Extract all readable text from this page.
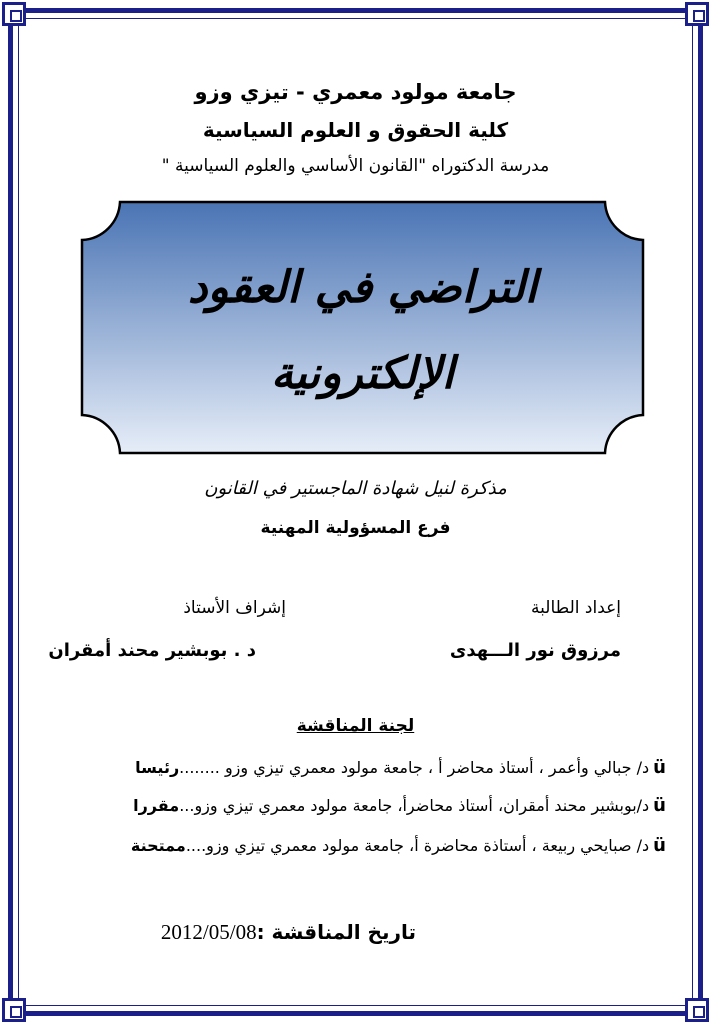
جامعة مولود معمري - تيزي وزو
كلية الحقوق و العلوم السياسية
مدرسة الدكتوراه "القانون الأساسي والعلوم السياسية "
التراضي في العقود
الإلكترونية
مذكرة لنيل شهادة الماجستير في القانون
فرع المسؤولية المهنية
إعداد الطالبة
إشراف الأستاذ
مرزوق نور الـــهدى
د . بوبشير محند أمقران
لجنة المناقشة
üد/ جبالي وأعمر ، أستاذ محاضر أ ، جامعة مولود معمري تيزي وزو ........رئيسا
üد/بوبشير محند أمقران، أستاذ محاضرأ، جامعة مولود معمري تيزي وزو...مقررا
üد/ صبايحي ربيعة ، أستاذة محاضرة أ، جامعة مولود معمري تيزي وزو....ممتحنة
تاريخ المناقشة :2012/05/08
